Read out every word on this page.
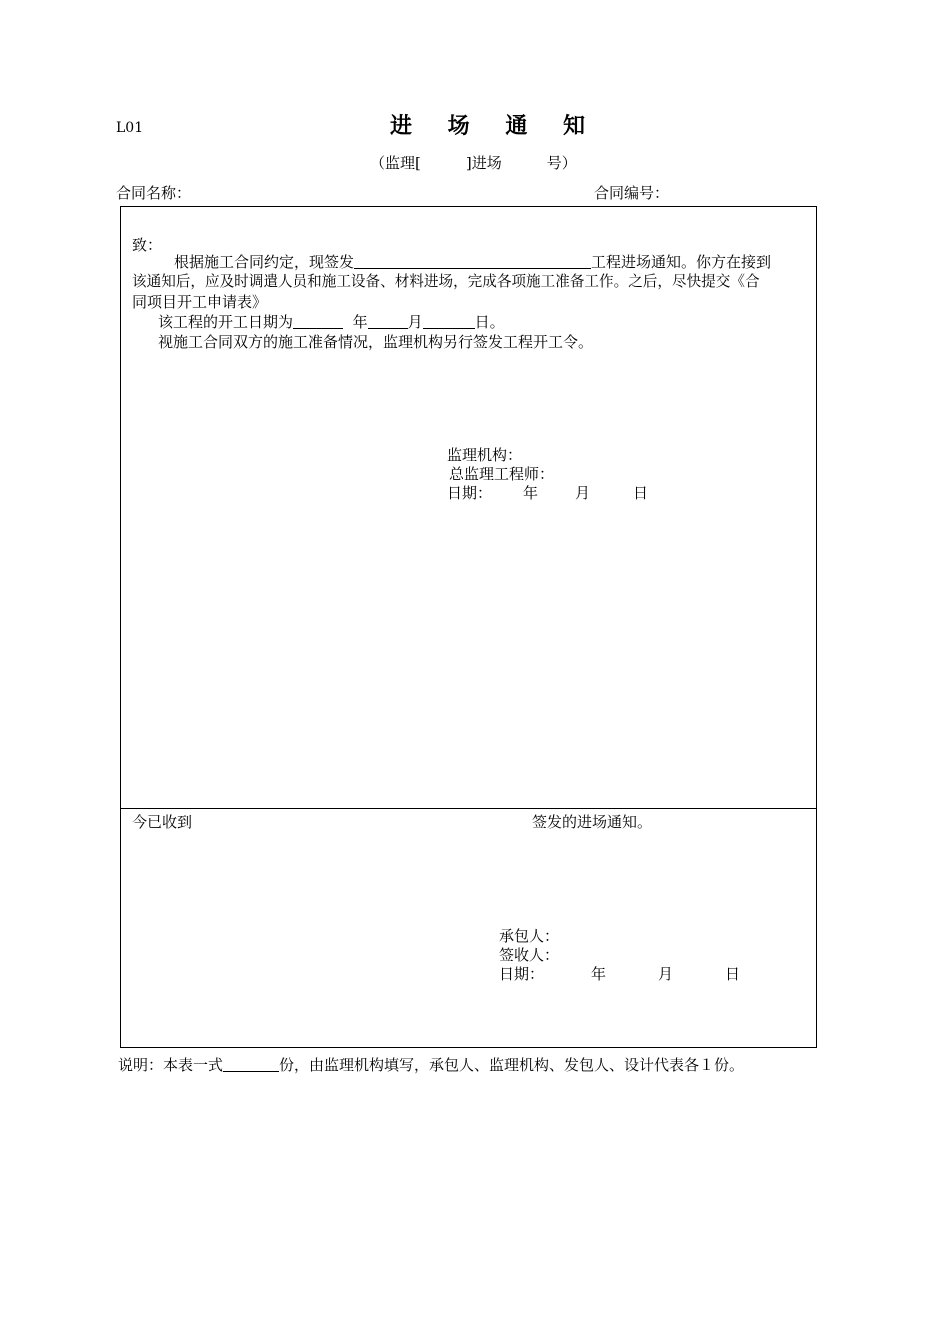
L01	进 场 通 知
（监理[　　　]进场　　　号）
合同名称：	合同编号：
致：
根据施工合同约定，现签发	工程进场通知。你方在接到
该通知后，应及时调遣人员和施工设备、材料进场，完成各项施工准备工作。之后，尽快提交《合
同项目开工申请表》
该工程的开工日期为	年	月	日。
视施工合同双方的施工准备情况，监理机构另行签发工程开工令。
监理机构：
总监理工程师：
日期： 年 月	日
今已收到	签发的进场通知。
承包人：
签收人：
日期：	年	月	日
说明：本表一式	份，由监理机构填写，承包人、监理机构、发包人、设计代表各１份。
